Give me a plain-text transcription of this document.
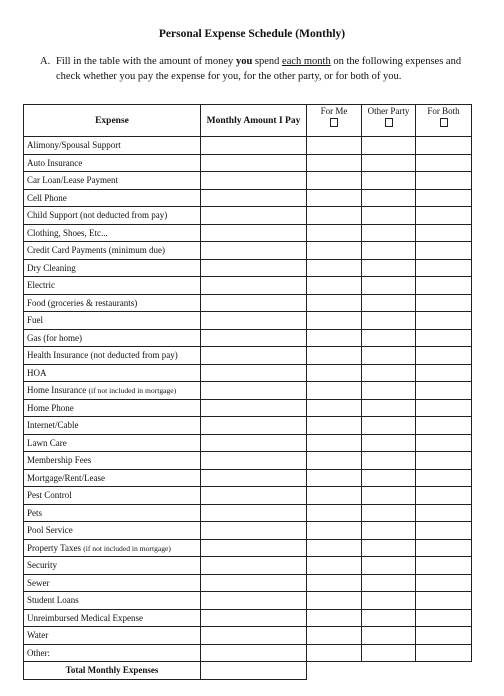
Personal Expense Schedule (Monthly)
A. Fill in the table with the amount of money you spend each month on the following expenses and check whether you pay the expense for you, for the other party, or for both of you.
Expense	Monthly Amount I Pay	For Me	Other Party	For Both

Alimony/Spousal Support				
Auto Insurance				
Car Loan/Lease Payment				
Cell Phone				
Child Support (not deducted from pay)				
Clothing, Shoes, Etc...				
Credit Card Payments (minimum due)				
Dry Cleaning				
Electric				
Food (groceries & restaurants)				
Fuel				
Gas (for home)				
Health Insurance (not deducted from pay)				
HOA				
Home Insurance (if not included in mortgage)				
Home Phone				
Internet/Cable				
Lawn Care				
Membership Fees				
Mortgage/Rent/Lease				
Pest Control				
Pets				
Pool Service				
Property Taxes (if not included in mortgage)				
Security				
Sewer				
Student Loans				
Unreimbursed Medical Expense				
Water				
Other:				
Total Monthly Expenses				
